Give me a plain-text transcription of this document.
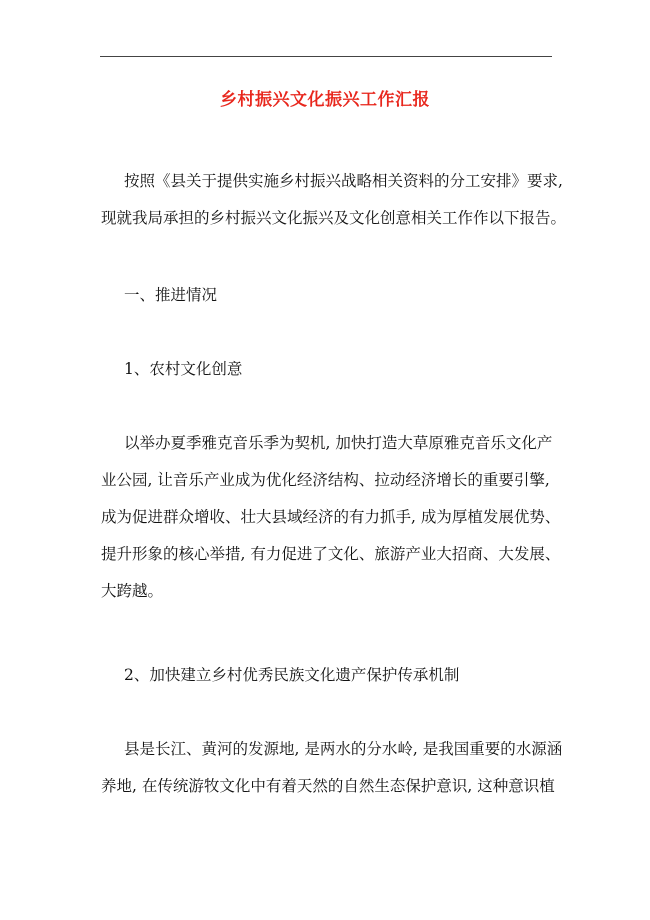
乡村振兴文化振兴工作汇报
按照《县关于提供实施乡村振兴战略相关资料的分工安排》要求,
现就我局承担的乡村振兴文化振兴及文化创意相关工作作以下报告。
一、推进情况
1、农村文化创意
以举办夏季雅克音乐季为契机, 加快打造大草原雅克音乐文化产
业公园, 让音乐产业成为优化经济结构、拉动经济增长的重要引擎,
成为促进群众增收、壮大县域经济的有力抓手, 成为厚植发展优势、
提升形象的核心举措, 有力促进了文化、旅游产业大招商、大发展、
大跨越。
2、加快建立乡村优秀民族文化遗产保护传承机制
县是长江、黄河的发源地, 是两水的分水岭, 是我国重要的水源涵
养地, 在传统游牧文化中有着天然的自然生态保护意识, 这种意识植
